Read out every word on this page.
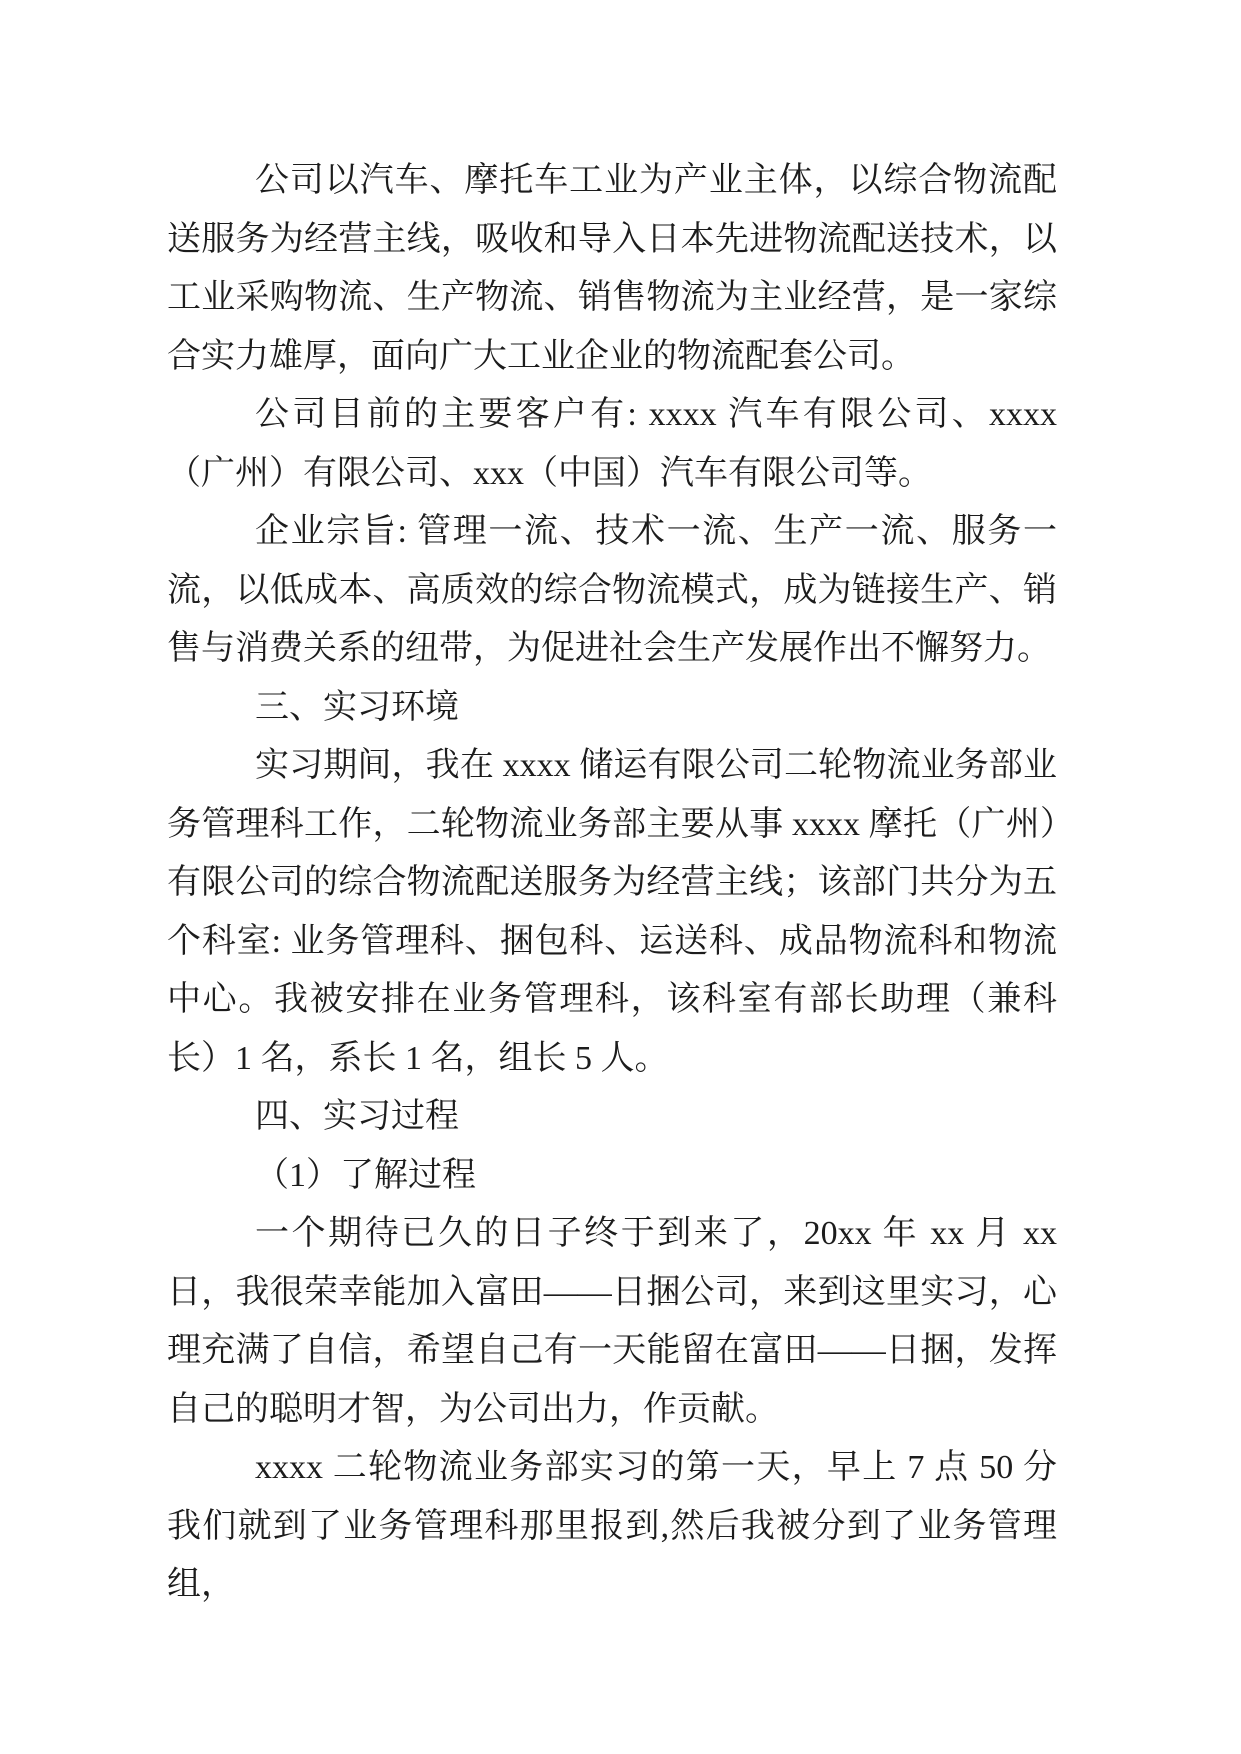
公司以汽车、摩托车工业为产业主体，以综合物流配送服务为经营主线，吸收和导入日本先进物流配送技术，以工业采购物流、生产物流、销售物流为主业经营，是一家综合实力雄厚，面向广大工业企业的物流配套公司。

公司目前的主要客户有: xxxx 汽车有限公司、xxxx（广州）有限公司、xxx（中国）汽车有限公司等。

企业宗旨: 管理一流、技术一流、生产一流、服务一流，以低成本、高质效的综合物流模式，成为链接生产、销售与消费关系的纽带，为促进社会生产发展作出不懈努力。

三、实习环境

实习期间，我在 xxxx 储运有限公司二轮物流业务部业务管理科工作，二轮物流业务部主要从事 xxxx 摩托（广州）有限公司的综合物流配送服务为经营主线；该部门共分为五个科室: 业务管理科、捆包科、运送科、成品物流科和物流中心。我被安排在业务管理科，该科室有部长助理（兼科长）1 名，系长 1 名，组长 5 人。

四、实习过程

（1）了解过程

一个期待已久的日子终于到来了，20xx 年 xx 月 xx 日，我很荣幸能加入富田——日捆公司，来到这里实习，心理充满了自信，希望自己有一天能留在富田——日捆，发挥自己的聪明才智，为公司出力，作贡献。

xxxx 二轮物流业务部实习的第一天，早上 7 点 50 分我们就到了业务管理科那里报到,然后我被分到了业务管理组，
